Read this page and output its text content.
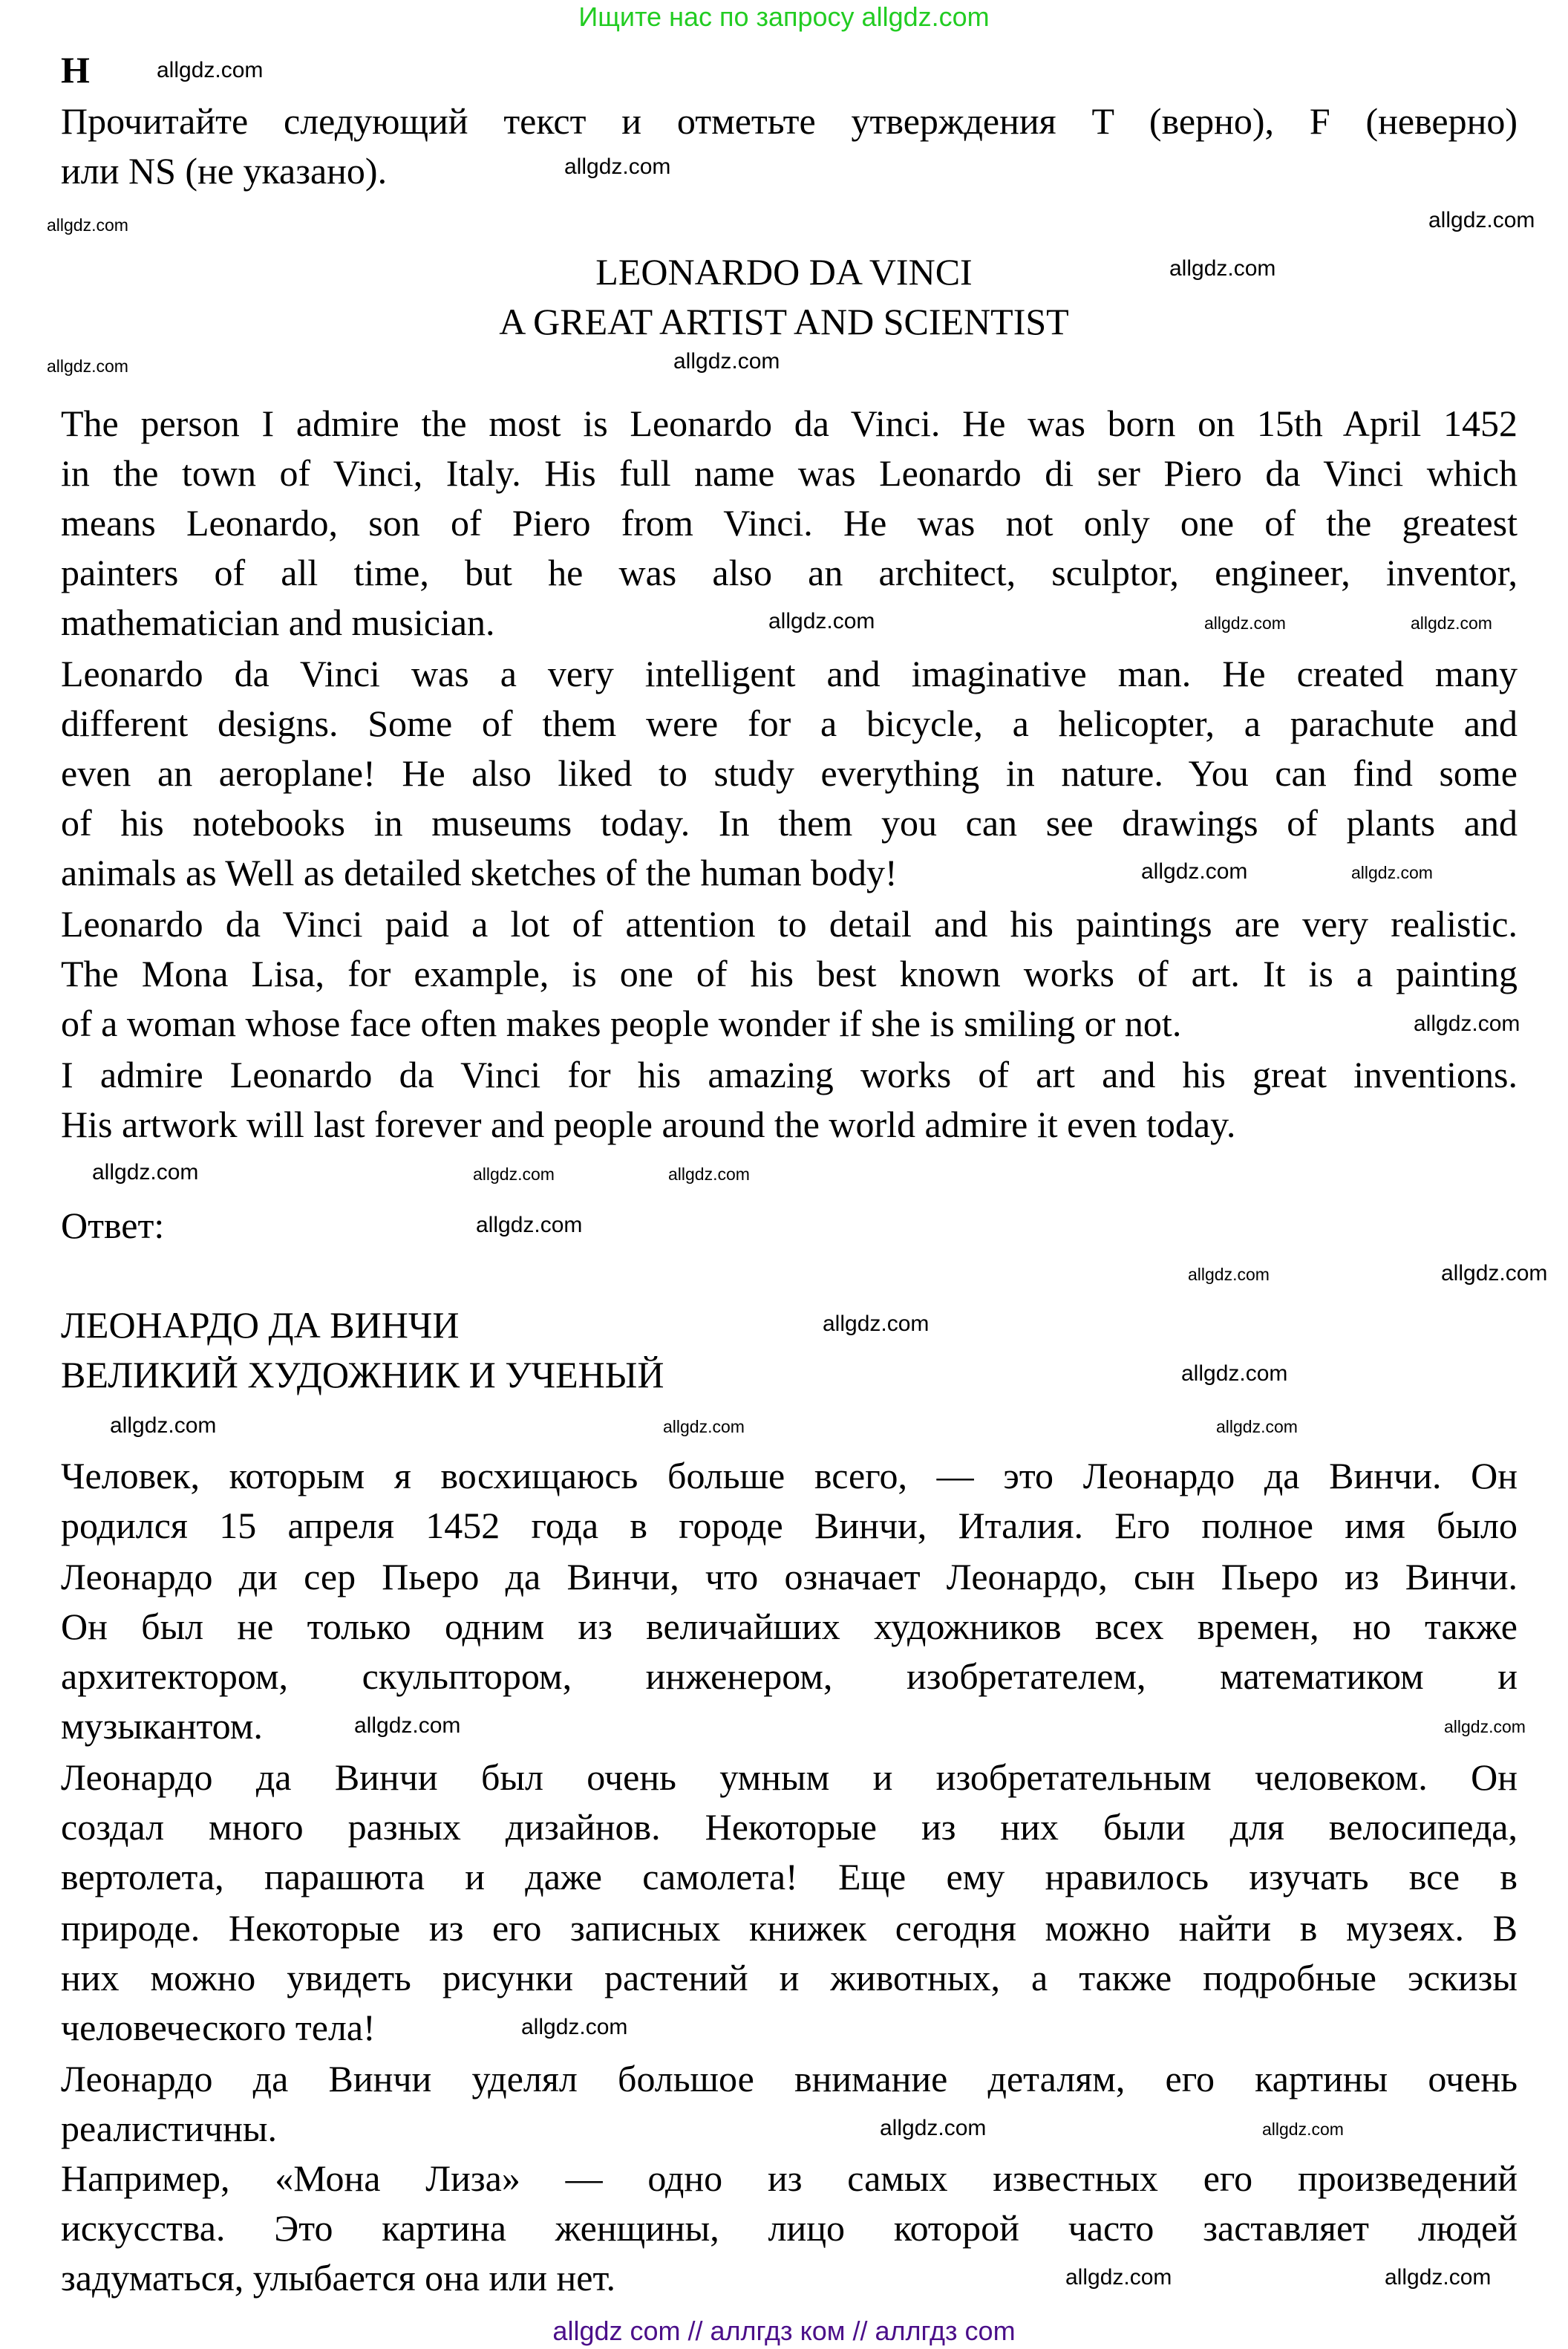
Ищите нас по запросу allgdz.com
H
Прочитайте следующий текст и отметьте утверждения T (верно), F (неверно)
или NS (не указано).
LEONARDO DA VINCI
A GREAT ARTIST AND SCIENTIST
The person I admire the most is Leonardo da Vinci. He was born on 15th April 1452
in the town of Vinci, Italy. His full name was Leonardo di ser Piero da Vinci which
means Leonardo, son of Piero from Vinci. He was not only one of the greatest
painters of all time, but he was also an architect, sculptor, engineer, inventor,
mathematician and musician.
Leonardo da Vinci was a very intelligent and imaginative man. He created many
different designs. Some of them were for a bicycle, a helicopter, a parachute and
even an aeroplane! He also liked to study everything in nature. You can find some
of his notebooks in museums today. In them you can see drawings of plants and
animals as Well as detailed sketches of the human body!
Leonardo da Vinci paid a lot of attention to detail and his paintings are very realistic.
The Mona Lisa, for example, is one of his best known works of art. It is a painting
of a woman whose face often makes people wonder if she is smiling or not.
I admire Leonardo da Vinci for his amazing works of art and his great inventions.
His artwork will last forever and people around the world admire it even today.
Ответ:
ЛЕОНАРДО ДА ВИНЧИ
ВЕЛИКИЙ ХУДОЖНИК И УЧЕНЫЙ
Человек, которым я восхищаюсь больше всего, — это Леонардо да Винчи. Он
родился 15 апреля 1452 года в городе Винчи, Италия. Его полное имя было
Леонардо ди сер Пьеро да Винчи, что означает Леонардо, сын Пьеро из Винчи.
Он был не только одним из величайших художников всех времен, но также
архитектором, скульптором, инженером, изобретателем, математиком и
музыкантом.
Леонардо да Винчи был очень умным и изобретательным человеком. Он
создал много разных дизайнов. Некоторые из них были для велосипеда,
вертолета, парашюта и даже самолета! Еще ему нравилось изучать все в
природе. Некоторые из его записных книжек сегодня можно найти в музеях. В
них можно увидеть рисунки растений и животных, а также подробные эскизы
человеческого тела!
Леонардо да Винчи уделял большое внимание деталям, его картины очень
реалистичны.
Например, «Мона Лиза» — одно из самых известных его произведений
искусства. Это картина женщины, лицо которой часто заставляет людей
задуматься, улыбается она или нет.
allgdz.com
allgdz.com
allgdz.com
allgdz.com
allgdz.com
allgdz.com
allgdz.com
allgdz.com	allgdz.com	allgdz.com
allgdz.com	allgdz.com
allgdz.com
allgdz.com	allgdz.com	allgdz.com
allgdz.com
allgdz.com
allgdz.com
allgdz.com
allgdz.com
allgdz.com	allgdz.com	allgdz.com
allgdz.com	allgdz.com
allgdz.com
allgdz.com	allgdz.com
allgdz.com	allgdz.com
allgdz com // аллгдз ком // аллгдз com
